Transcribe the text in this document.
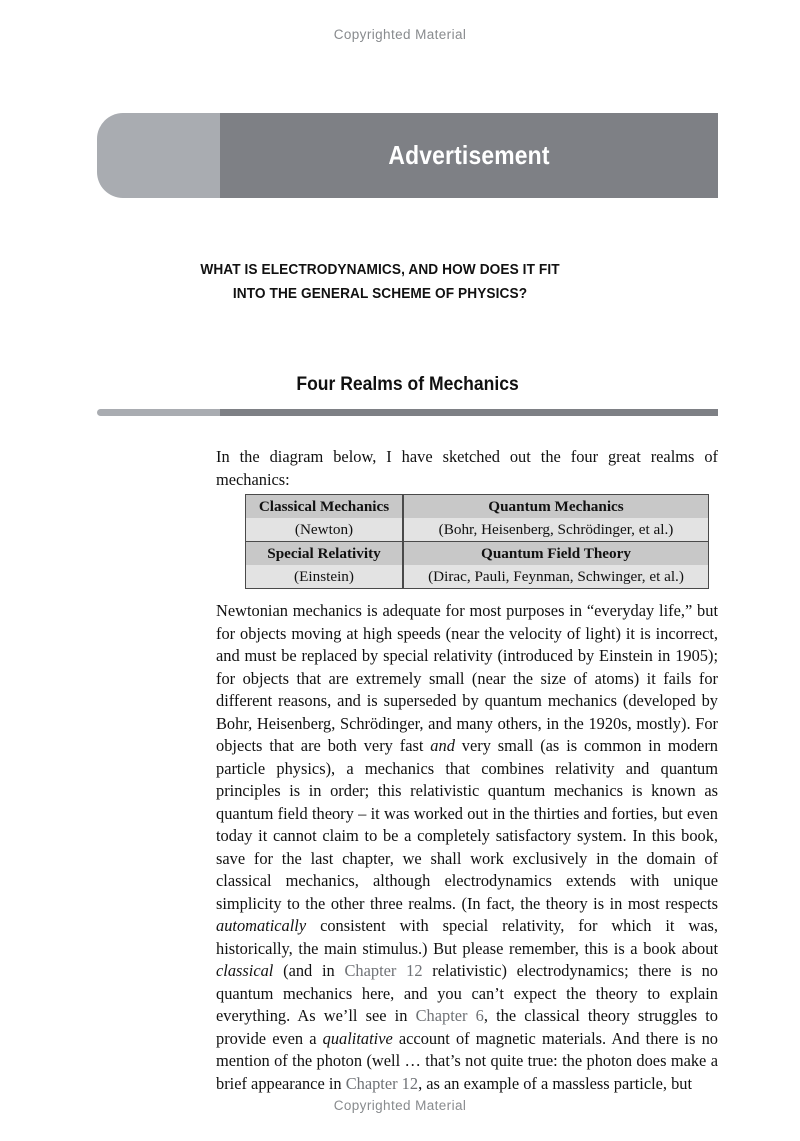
Copyrighted Material
Advertisement
WHAT IS ELECTRODYNAMICS, AND HOW DOES IT FIT INTO THE GENERAL SCHEME OF PHYSICS?
Four Realms of Mechanics

In the diagram below, I have sketched out the four great realms of mechanics:

Classical Mechanics	Quantum Mechanics
(Newton)	(Bohr, Heisenberg, Schrödinger, et al.)
Special Relativity	Quantum Field Theory
(Einstein)	(Dirac, Pauli, Feynman, Schwinger, et al.)

Newtonian mechanics is adequate for most purposes in “everyday life,” but for objects moving at high speeds (near the velocity of light) it is incorrect, and must be replaced by special relativity (introduced by Einstein in 1905); for objects that are extremely small (near the size of atoms) it fails for different reasons, and is superseded by quantum mechanics (developed by Bohr, Heisenberg, Schrödinger, and many others, in the 1920s, mostly). For objects that are both very fast and very small (as is common in modern particle physics), a mechanics that combines relativity and quantum principles is in order; this relativistic quantum mechanics is known as quantum field theory – it was worked out in the thirties and forties, but even today it cannot claim to be a completely satisfactory system. In this book, save for the last chapter, we shall work exclusively in the domain of classical mechanics, although electrodynamics extends with unique simplicity to the other three realms. (In fact, the theory is in most respects automatically consistent with special relativity, for which it was, historically, the main stimulus.) But please remember, this is a book about classical (and in Chapter 12 relativistic) electrodynamics; there is no quantum mechanics here, and you can’t expect the theory to explain everything. As we’ll see in Chapter 6, the classical theory struggles to provide even a qualitative account of magnetic materials. And there is no mention of the photon (well … that’s not quite true: the photon does make a brief appearance in Chapter 12, as an example of a massless particle, but

Copyrighted Material
